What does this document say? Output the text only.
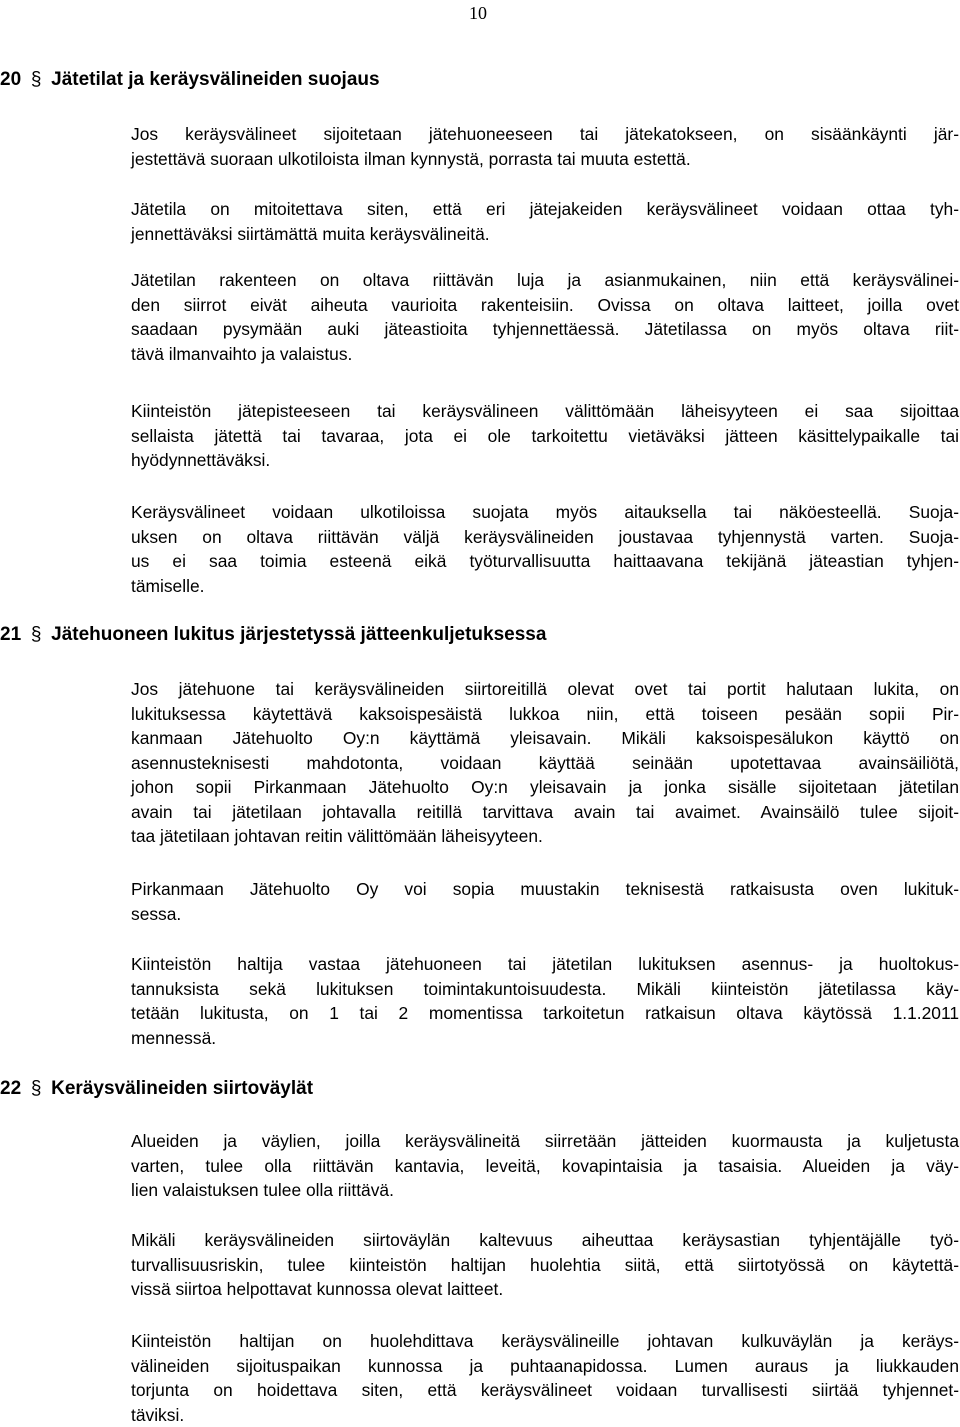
10
20 § Jätetilat ja keräysvälineiden suojaus
Jos keräysvälineet sijoitetaan jätehuoneeseen tai jätekatokseen, on sisäänkäynti jär-
jestettävä suoraan ulkotiloista ilman kynnystä, porrasta tai muuta estettä.
Jätetila on mitoitettava siten, että eri jätejakeiden keräysvälineet voidaan ottaa tyh-
jennettäväksi siirtämättä muita keräysvälineitä.
Jätetilan rakenteen on oltava riittävän luja ja asianmukainen, niin että keräysvälinei-
den siirrot eivät aiheuta vaurioita rakenteisiin. Ovissa on oltava laitteet, joilla ovet
saadaan pysymään auki jäteastioita tyhjennettäessä. Jätetilassa on myös oltava riit-
tävä ilmanvaihto ja valaistus.
Kiinteistön jätepisteeseen tai keräysvälineen välittömään läheisyyteen ei saa sijoittaa
sellaista jätettä tai tavaraa, jota ei ole tarkoitettu vietäväksi jätteen käsittelypaikalle tai
hyödynnettäväksi.
Keräysvälineet voidaan ulkotiloissa suojata myös aitauksella tai näköesteellä. Suoja-
uksen on oltava riittävän väljä keräysvälineiden joustavaa tyhjennystä varten. Suoja-
us ei saa toimia esteenä eikä työturvallisuutta haittaavana tekijänä jäteastian tyhjen-
tämiselle.
21 § Jätehuoneen lukitus järjestetyssä jätteenkuljetuksessa
Jos jätehuone tai keräysvälineiden siirtoreitillä olevat ovet tai portit halutaan lukita, on
lukituksessa käytettävä kaksoispesäistä lukkoa niin, että toiseen pesään sopii Pir-
kanmaan Jätehuolto Oy:n käyttämä yleisavain. Mikäli kaksoispesälukon käyttö on
asennusteknisesti mahdotonta, voidaan käyttää seinään upotettavaa avainsäiliötä,
johon sopii Pirkanmaan Jätehuolto Oy:n yleisavain ja jonka sisälle sijoitetaan jätetilan
avain tai jätetilaan johtavalla reitillä tarvittava avain tai avaimet. Avainsäilö tulee sijoit-
taa jätetilaan johtavan reitin välittömään läheisyyteen.
Pirkanmaan Jätehuolto Oy voi sopia muustakin teknisestä ratkaisusta oven lukituk-
sessa.
Kiinteistön haltija vastaa jätehuoneen tai jätetilan lukituksen asennus- ja huoltokus-
tannuksista sekä lukituksen toimintakuntoisuudesta. Mikäli kiinteistön jätetilassa käy-
tetään lukitusta, on 1 tai 2 momentissa tarkoitetun ratkaisun oltava käytössä 1.1.2011
mennessä.
22 § Keräysvälineiden siirtoväylät
Alueiden ja väylien, joilla keräysvälineitä siirretään jätteiden kuormausta ja kuljetusta
varten, tulee olla riittävän kantavia, leveitä, kovapintaisia ja tasaisia. Alueiden ja väy-
lien valaistuksen tulee olla riittävä.
Mikäli keräysvälineiden siirtoväylän kaltevuus aiheuttaa keräysastian tyhjentäjälle työ-
turvallisuusriskin, tulee kiinteistön haltijan huolehtia siitä, että siirtotyössä on käytettä-
vissä siirtoa helpottavat kunnossa olevat laitteet.
Kiinteistön haltijan on huolehdittava keräysvälineille johtavan kulkuväylän ja keräys-
välineiden sijoituspaikan kunnossa ja puhtaanapidossa. Lumen auraus ja liukkauden
torjunta on hoidettava siten, että keräysvälineet voidaan turvallisesti siirtää tyhjennet-
täviksi.
